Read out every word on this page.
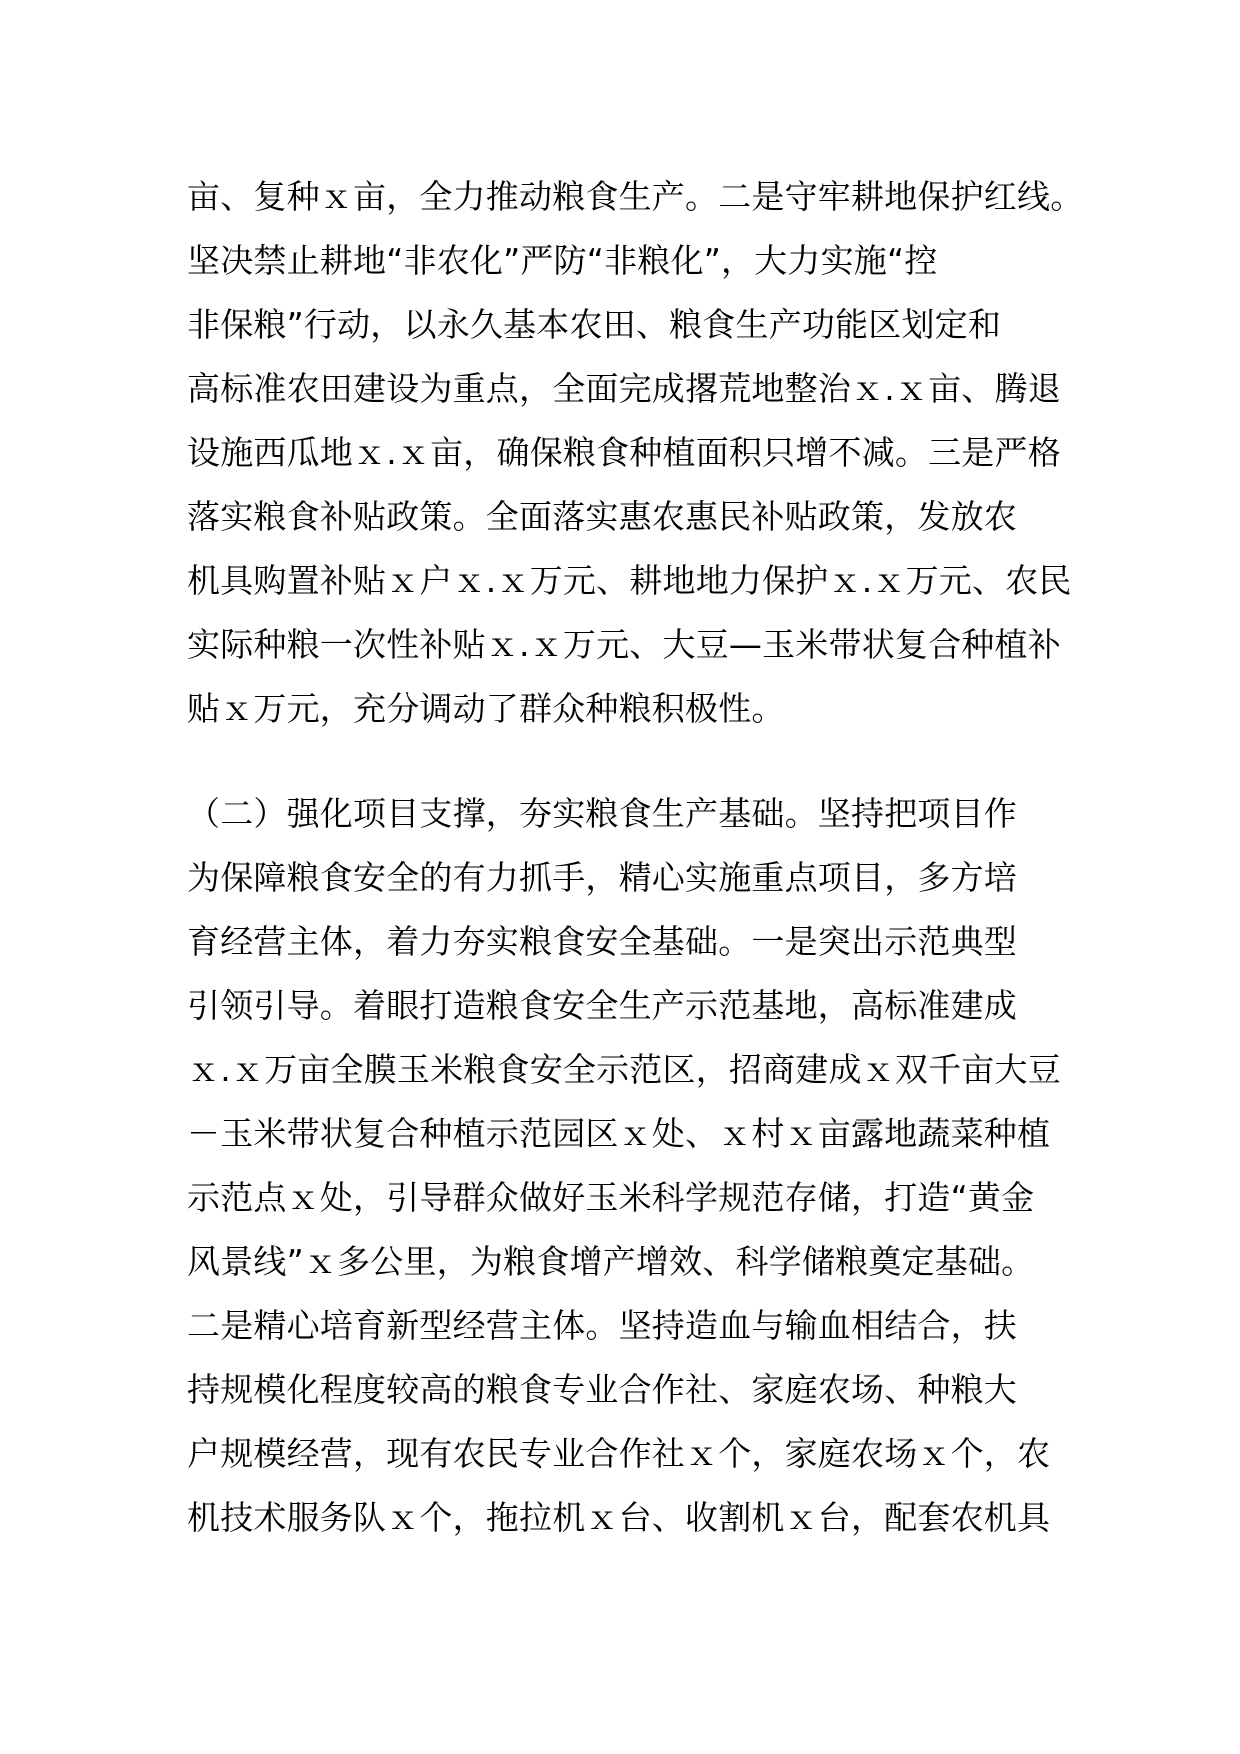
亩、复种ｘ亩，全力推动粮食生产。二是守牢耕地保护红线。
坚决禁止耕地“非农化”严防“非粮化”，大力实施“控
非保粮”行动，以永久基本农田、粮食生产功能区划定和
高标准农田建设为重点，全面完成撂荒地整治ｘ.ｘ亩、腾退
设施西瓜地ｘ.ｘ亩，确保粮食种植面积只增不减。三是严格
落实粮食补贴政策。全面落实惠农惠民补贴政策，发放农
机具购置补贴ｘ户ｘ.ｘ万元、耕地地力保护ｘ.ｘ万元、农民
实际种粮一次性补贴ｘ.ｘ万元、大豆—玉米带状复合种植补
贴ｘ万元，充分调动了群众种粮积极性。
（二）强化项目支撑，夯实粮食生产基础。坚持把项目作
为保障粮食安全的有力抓手，精心实施重点项目，多方培
育经营主体，着力夯实粮食安全基础。一是突出示范典型
引领引导。着眼打造粮食安全生产示范基地，高标准建成
ｘ.ｘ万亩全膜玉米粮食安全示范区，招商建成ｘ双千亩大豆
－玉米带状复合种植示范园区ｘ处、ｘ村ｘ亩露地蔬菜种植
示范点ｘ处，引导群众做好玉米科学规范存储，打造“黄金
风景线”ｘ多公里，为粮食增产增效、科学储粮奠定基础。
二是精心培育新型经营主体。坚持造血与输血相结合，扶
持规模化程度较高的粮食专业合作社、家庭农场、种粮大
户规模经营，现有农民专业合作社ｘ个，家庭农场ｘ个，农
机技术服务队ｘ个，拖拉机ｘ台、收割机ｘ台，配套农机具
